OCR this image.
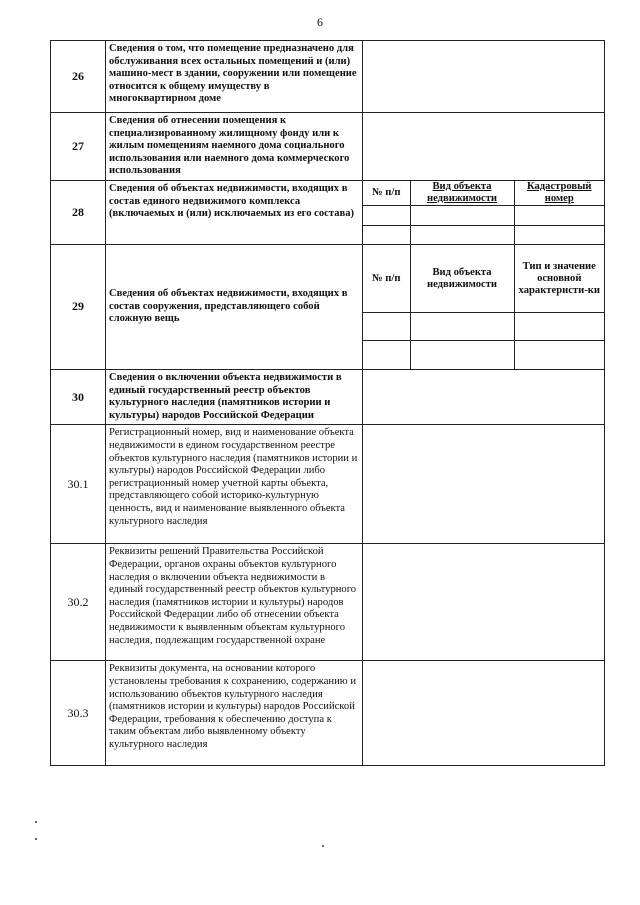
6
26	Сведения о том, что помещение предназначено для обслуживания всех остальных помещений и (или) машино-мест в здании, сооружении или помещение относится к общему имуществу в многоквартирном доме	
27	Сведения об отнесении помещения к специализированному жилищному фонду или к жилым помещениям наемного дома социального использования или наемного дома коммерческого использования	
28	Сведения об объектах недвижимости, входящих в состав единого недвижимого комплекса (включаемых и (или) исключаемых из его состава)	
№ п/п	Вид объекта недвижимости	Кадастровый номер

29	Сведения об объектах недвижимости, входящих в состав сооружения, представляющего собой сложную вещь	
№ п/п	Вид объекта недвижимости	Тип и значение основной характеристи-ки

30	Сведения о включении объекта недвижимости в единый государственный реестр объектов культурного наследия (памятников истории и культуры) народов Российской Федерации	
30.1	Регистрационный номер, вид и наименование объекта недвижимости в едином государственном реестре объектов культурного наследия (памятников истории и культуры) народов Российской Федерации либо регистрационный номер учетной карты объекта, представляющего собой историко-культурную ценность, вид и наименование выявленного объекта культурного наследия	
30.2	Реквизиты решений Правительства Российской Федерации, органов охраны объектов культурного наследия о включении объекта недвижимости в единый государственный реестр объектов культурного наследия (памятников истории и культуры) народов Российской Федерации либо об отнесении объекта недвижимости к выявленным объектам культурного наследия, подлежащим государственной охране	
30.3	Реквизиты документа, на основании которого установлены требования к сохранению, содержанию и использованию объектов культурного наследия (памятников истории и культуры) народов Российской Федерации, требования к обеспечению доступа к таким объектам либо выявленному объекту культурного наследия	
